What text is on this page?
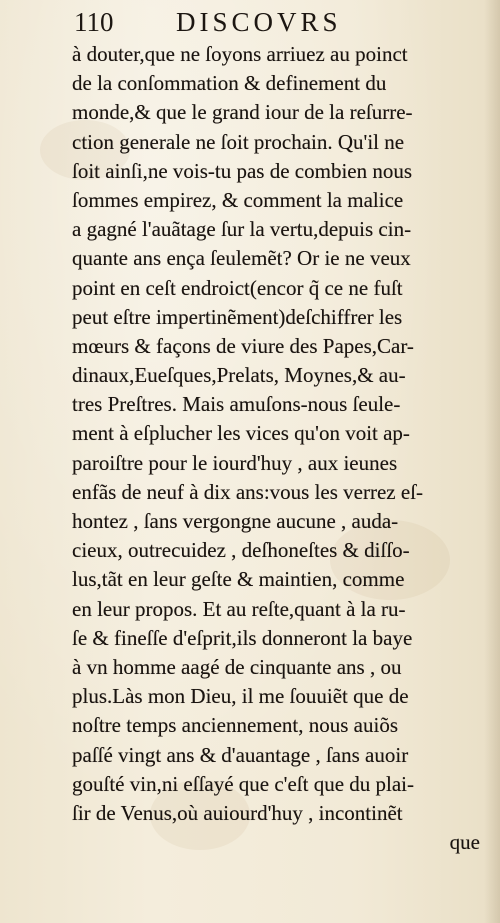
110 DISCOVRS
à douter,que ne ſoyons arriuez au poinct
de la conſommation & definement du
monde,& que le grand iour de la reſurre-
ction generale ne ſoit prochain. Qu'il ne
ſoit ainſi,ne vois-tu pas de combien nous
ſommes empirez, & comment la malice
a gagné l'auãtage ſur la vertu,depuis cin-
quante ans ença ſeulemẽt? Or ie ne veux
point en ceſt endroict(encor q̃ ce ne fuſt
peut eſtre impertinẽment)deſchiffrer les
mœurs & façons de viure des Papes,Car-
dinaux,Eueſques,Prelats, Moynes,& au-
tres Preſtres. Mais amuſons-nous ſeule-
ment à eſplucher les vices qu'on voit ap-
paroiſtre pour le iourd'huy , aux ieunes
enfãs de neuf à dix ans:vous les verrez eſ-
hontez , ſans vergongne aucune , auda-
cieux, outrecuidez , deſhoneſtes & diſſo-
lus,tãt en leur geſte & maintien, comme
en leur propos. Et au reſte,quant à la ru-
ſe & fineſſe d'eſprit,ils donneront la baye
à vn homme aagé de cinquante ans , ou
plus.Làs mon Dieu, il me ſouuiẽt que de
noſtre temps anciennement, nous auiõs
paſſé vingt ans & d'auantage , ſans auoir
gouſté vin,ni eſſayé que c'eſt que du plai-
ſir de Venus,où auiourd'huy , incontinẽt
que
